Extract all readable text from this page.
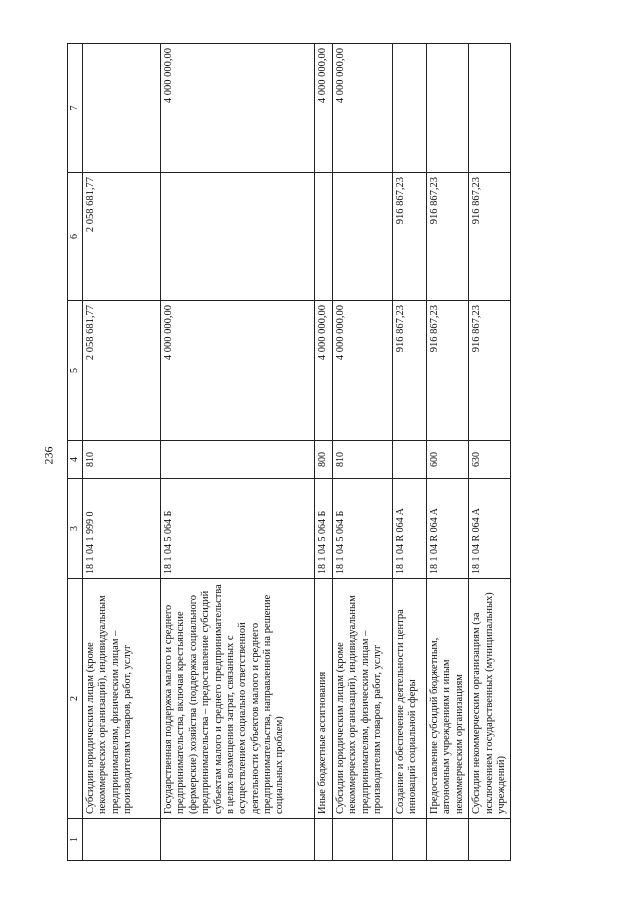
236
1	2	3	4	5	6	7
	Субсидии юридическим лицам (кроме некоммерческих организаций), индивидуальным предпринимателям, физическим лицам – производителям товаров, работ, услуг	18 1 04 1 999 0	810	2 058 681,77	2 058 681,77	
	Государственная поддержка малого и среднего предпринимательства, включая крестьянские (фермерские) хозяйства (поддержка социального предпринимательства – предоставление субсидий субъектам малого и среднего предпринимательства в целях возмещения затрат, связанных с осуществлением социально ответственной деятельности субъектов малого и среднего предпринимательства, направленной на решение социальных проблем)	18 1 04 5 064 Б		4 000 000,00		4 000 000,00
	Иные бюджетные ассигнования	18 1 04 5 064 Б	800	4 000 000,00		4 000 000,00
	Субсидии юридическим лицам (кроме некоммерческих организаций), индивидуальным предпринимателям, физическим лицам – производителям товаров, работ, услуг	18 1 04 5 064 Б	810	4 000 000,00		4 000 000,00
	Создание и обеспечение деятельности центра инноваций социальной сферы	18 1 04 R 064 A		916 867,23	916 867,23	
	Предоставление субсидий бюджетным, автономным учреждениям и иным некоммерческим организациям	18 1 04 R 064 A	600	916 867,23	916 867,23	
	Субсидии некоммерческим организациям (за исключением государственных (муниципальных) учреждений)	18 1 04 R 064 A	630	916 867,23	916 867,23	
